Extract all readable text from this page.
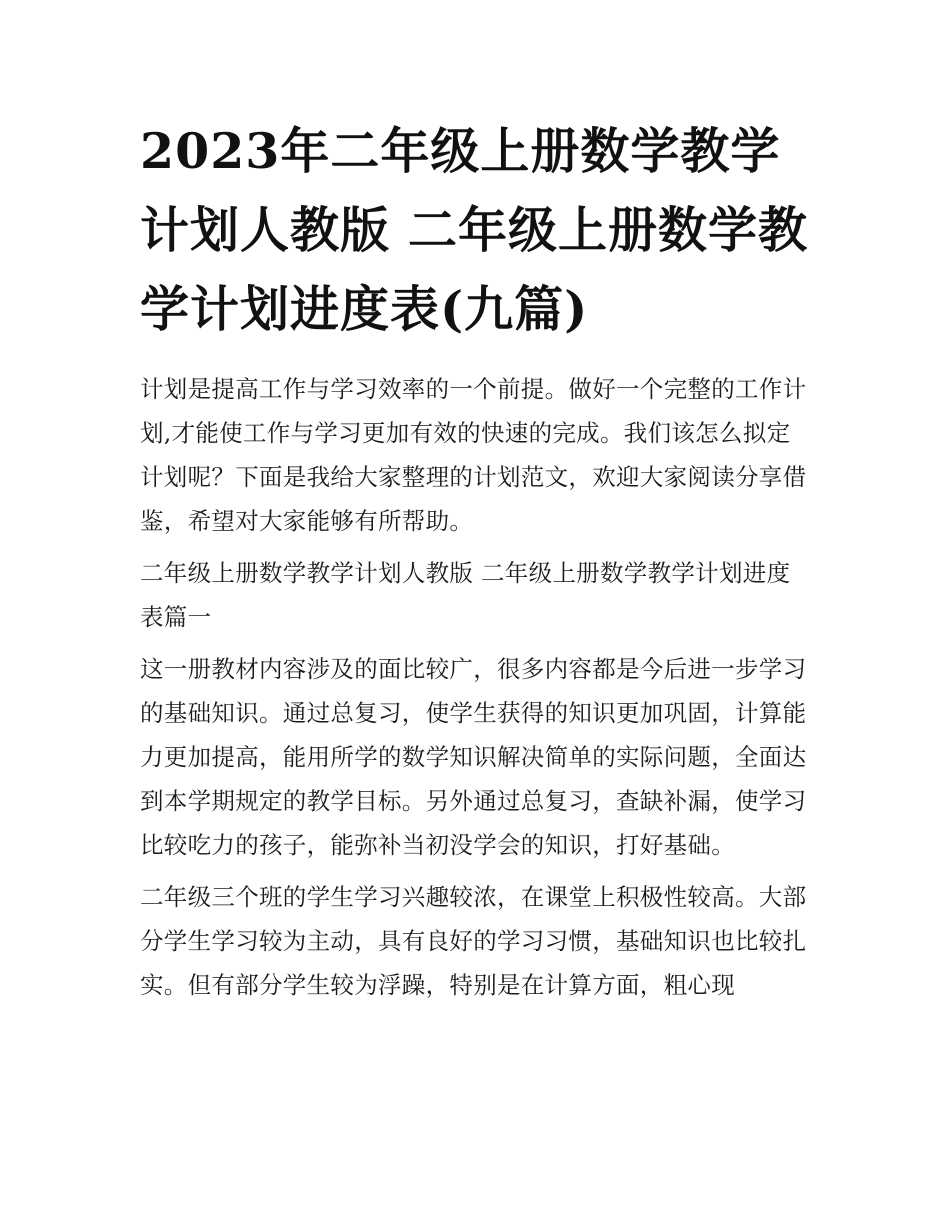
2023年二年级上册数学教学计划人教版 二年级上册数学教学计划进度表(九篇)

计划是提高工作与学习效率的一个前提。做好一个完整的工作计划,才能使工作与学习更加有效的快速的完成。我们该怎么拟定计划呢？下面是我给大家整理的计划范文，欢迎大家阅读分享借鉴，希望对大家能够有所帮助。

二年级上册数学教学计划人教版 二年级上册数学教学计划进度表篇一

这一册教材内容涉及的面比较广，很多内容都是今后进一步学习的基础知识。通过总复习，使学生获得的知识更加巩固，计算能力更加提高，能用所学的数学知识解决简单的实际问题，全面达到本学期规定的教学目标。另外通过总复习，查缺补漏，使学习比较吃力的孩子，能弥补当初没学会的知识，打好基础。

二年级三个班的学生学习兴趣较浓，在课堂上积极性较高。大部分学生学习较为主动，具有良好的学习习惯，基础知识也比较扎实。但有部分学生较为浮躁，特别是在计算方面，粗心现
